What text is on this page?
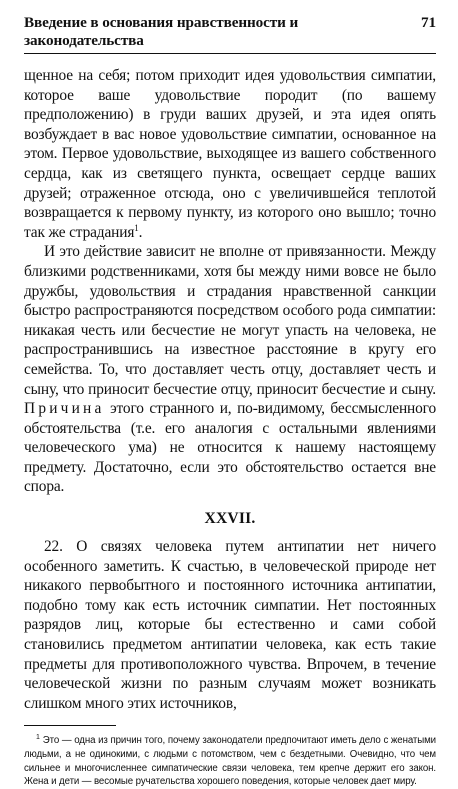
Введение в основания нравственности и законодательства
71

щенное на себя; потом приходит идея удовольствия симпатии, которое ваше удовольствие породит (по вашему предположению) в груди ваших друзей, и эта идея опять возбуждает в вас новое удовольствие симпатии, основанное на этом. Первое удовольствие, выходящее из вашего собственного сердца, как из светящего пункта, освещает сердце ваших друзей; отраженное отсюда, оно с увеличившейся теплотой возвращается к первому пункту, из которого оно вышло; точно так же страдания$^1$.

И это действие зависит не вполне от привязанности. Между близкими родственниками, хотя бы между ними вовсе не было дружбы, удовольствия и страдания нравственной санкции быстро распространяются посредством особого рода симпатии: никакая честь или бесчестие не могут упасть на человека, не распространившись на известное расстояние в кругу его семейства. То, что доставляет честь отцу, доставляет честь и сыну, что приносит бесчестие отцу, приносит бесчестие и сыну. Причина этого странного и, по-видимому, бессмысленного обстоятельства (т.е. его аналогия с остальными явлениями человеческого ума) не относится к нашему настоящему предмету. Достаточно, если это обстоятельство остается вне спора.

XXVII.

22. О связях человека путем антипатии нет ничего особенного заметить. К счастью, в человеческой природе нет никакого первобытного и постоянного источника антипатии, подобно тому как есть источник симпатии. Нет постоянных разрядов лиц, которые бы естественно и сами собой становились предметом антипатии человека, как есть такие предметы для противоположного чувства. Впрочем, в течение человеческой жизни по разным случаям может возникать слишком много этих источников,

$^1$ Это — одна из причин того, почему законодатели предпочитают иметь дело с женатыми людьми, а не одинокими, с людьми с потомством, чем с бездетными. Очевидно, что чем сильнее и многочисленнее симпатические связи человека, тем крепче держит его закон. Жена и дети — весомые ручательства хорошего поведения, которые человек дает миру.
